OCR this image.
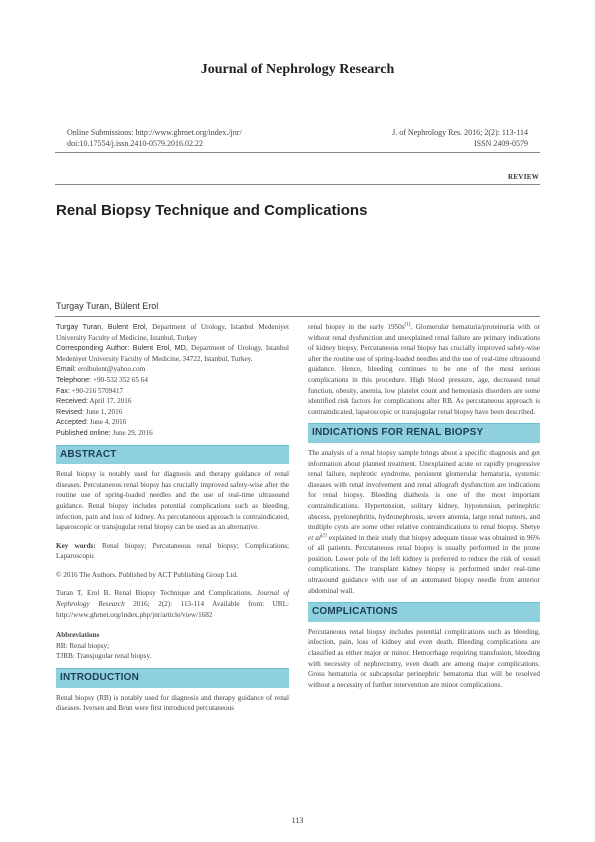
Journal of Nephrology Research
Online Submissions: http://www.ghrnet.org/index./jnr/
doi:10.17554/j.issn.2410-0579.2016.02.22
J. of Nephrology Res. 2016; 2(2): 113-114
ISSN 2409-0579
REVIEW
Renal Biopsy Technique and Complications
Turgay Turan, Bülent Erol

Turgay Turan, Bulent Erol, Department of Urology, Istanbul Medeniyet University Faculty of Medicine, Istanbul, Turkey

Corresponding Author: Bulent Erol, MD, Department of Urology, Istanbul Medeniyet University Faculty of Medicine, 34722, Istanbul, Turkey.

Email: erolbulent@yahoo.com

Telephone: +90-532 352 65 64

Fax: +90-216 5709417

Received: April 17, 2016

Revised: June 1, 2016

Accepted: June 4, 2016

Published online: June 29, 2016

ABSTRACT

Renal biopsy is notably used for diagnosis and therapy guidance of renal diseases. Percutaneous renal biopsy has crucially improved safety-wise after the routine use of spring-loaded needles and the use of real-time ultrasound guidance. Renal biopsy includes potential complications such as bleeding, infection, pain and loss of kidney. As percutaneous approach is contraindicated, laparoscopic or transjugular renal biopsy can be used as an alternative.

Key words: Renal biopsy; Percutaneous renal biopsy; Complications; Laparoscopic

© 2016 The Authors. Published by ACT Publishing Group Ltd.

Turan T, Erol B. Renal Biopsy Technique and Complications. Journal of Nephrology Research 2016; 2(2): 113-114 Available from: URL: http://www.ghrnet.org/index.php/jnr/article/view/1682

Abbreviations

RB: Renal biopsy;

TJRB: Transjugular renal biopsy.

INTRODUCTION

Renal biopsy (RB) is notably used for diagnosis and therapy guidance of renal diseases. Iversen and Brun were first introduced percutaneous

renal biopsy in the early 1950s[1]. Glomerular hematuria/proteinuria with or without renal dysfunction and unexplained renal failure are primary indications of kidney biopsy. Percutaneous renal biopsy has crucially improved safety-wise after the routine use of spring-loaded needles and the use of real-time ultrasound guidance. Hence, bleeding continues to be one of the most serious complications in this procedure. High blood pressure, age, decreased renal function, obesity, anemia, low platelet count and hemostasis disorders are some identified risk factors for complications after RB. As percutaneous approach is contraindicated, laparoscopic or transjugular renal biopsy have been described.

INDICATIONS FOR RENAL BIOPSY

The analysis of a renal biopsy sample brings about a specific diagnosis and get information about planned treatment. Unexplained acute or rapidly progressive renal failure, nephrotic syndrome, persistent glomerular hematuria, systemic diseases with renal involvement and renal allograft dysfunction are indications for renal biopsy. Bleeding diathesis is one of the most important contraindications. Hypertension, solitary kidney, hypotension, perinephric abscess, pyelonephritis, hydronephrosis, severe anemia, large renal tumors, and multiple cysts are some other relative contraindications to renal biopsy. Shetye et al[2] explained in their study that biopsy adequate tissue was obtained in 96% of all patients. Percutaneous renal biopsy is usually performed in the prone position. Lower pole of the left kidney is preferred to reduce the risk of vessel complications. The transplant kidney biopsy is performed under real-time ultrasound guidance with use of an automated biopsy needle from anterior abdominal wall.

COMPLICATIONS

Percutaneous renal biopsy includes potential complications such as bleeding, infection, pain, loss of kidney and even death. Bleeding complications are classified as either major or minor. Hemorrhage requiring transfusion, bleeding with necessity of nephrectomy, even death are among major complications. Gross hematuria or subcapsular perinephric hematoma that will be resolved without a necessity of further intervention are minor complications.

113
